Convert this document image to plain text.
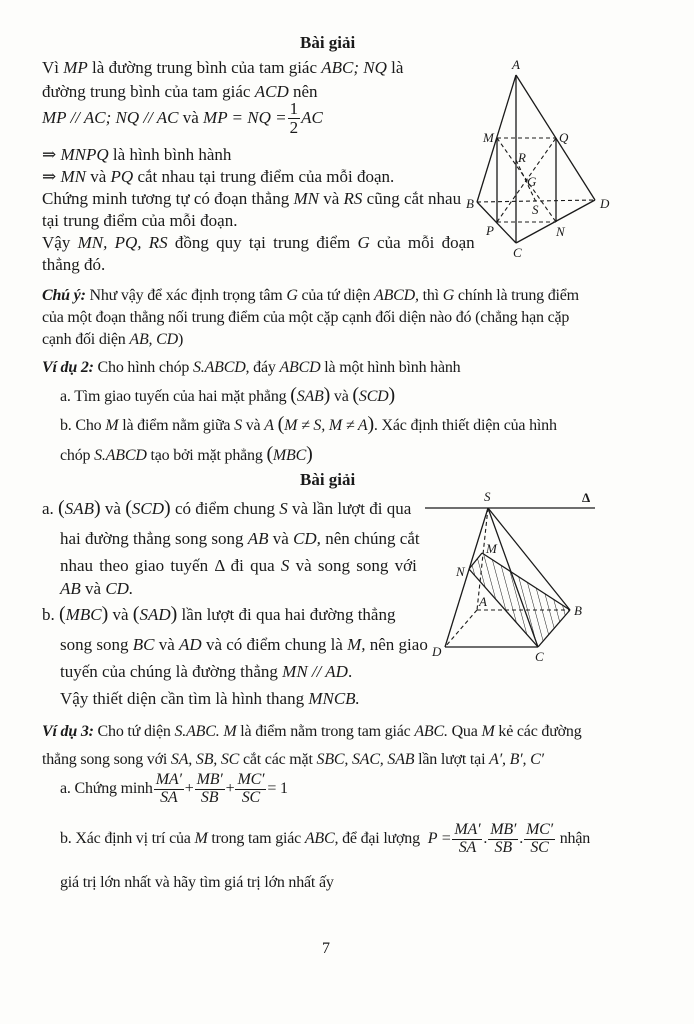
Bài giải
Vì MP là đường trung bình của tam giác ABC; NQ là
đường trung bình của tam giác ACD nên
MP // AC; NQ // AC và MP = NQ = $\frac{1}{2}$ AC
⇒ MNPQ là hình bình hành
⇒ MN và PQ cắt nhau tại trung điểm của mỗi đoạn.
Chứng minh tương tự có đoạn thẳng MN và RS cũng cắt nhau
tại trung điểm của mỗi đoạn.
Vậy MN, PQ, RS đồng quy tại trung điểm G của mỗi đoạn
thẳng đó.
A
M	Q
R
G
B	S	D
P	N
C
Chú ý: Như vậy để xác định trọng tâm G của tứ diện ABCD, thì G chính là trung điểm
của một đoạn thẳng nối trung điểm của một cặp cạnh đối diện nào đó (chẳng hạn cặp
cạnh đối diện AB, CD)
Ví dụ 2: Cho hình chóp S.ABCD, đáy ABCD là một hình bình hành
a. Tìm giao tuyến của hai mặt phẳng (SAB) và (SCD)
b. Cho M là điểm nằm giữa S và A (M ≠ S, M ≠ A). Xác định thiết diện của hình
chóp S.ABCD tạo bởi mặt phẳng (MBC)
Bài giải
a. (SAB) và (SCD) có điểm chung S và lần lượt đi qua
hai đường thẳng song song AB và CD, nên chúng cắt
nhau theo giao tuyến Δ đi qua S và song song với
AB và CD.
b. (MBC) và (SAD) lần lượt đi qua hai đường thẳng
song song BC và AD và có điểm chung là M, nên giao
tuyến của chúng là đường thẳng MN // AD.
Vậy thiết diện cần tìm là hình thang MNCB.
S	Δ
M
N
A
B
D	C
Ví dụ 3: Cho tứ diện S.ABC. M là điểm nằm trong tam giác ABC. Qua M kẻ các đường
thẳng song song với SA, SB, SC cắt các mặt SBC, SAC, SAB lần lượt tại A′, B′, C′
a. Chứng minh $\frac{MA'}{SA} + \frac{MB'}{SB} + \frac{MC'}{SC} = 1$
b. Xác định vị trí của M trong tam giác ABC, để đại lượng $P = \frac{MA'}{SA}$ . $\frac{MB'}{SB}$ . $\frac{MC'}{SC}$ nhận
giá trị lớn nhất và hãy tìm giá trị lớn nhất ấy
7
